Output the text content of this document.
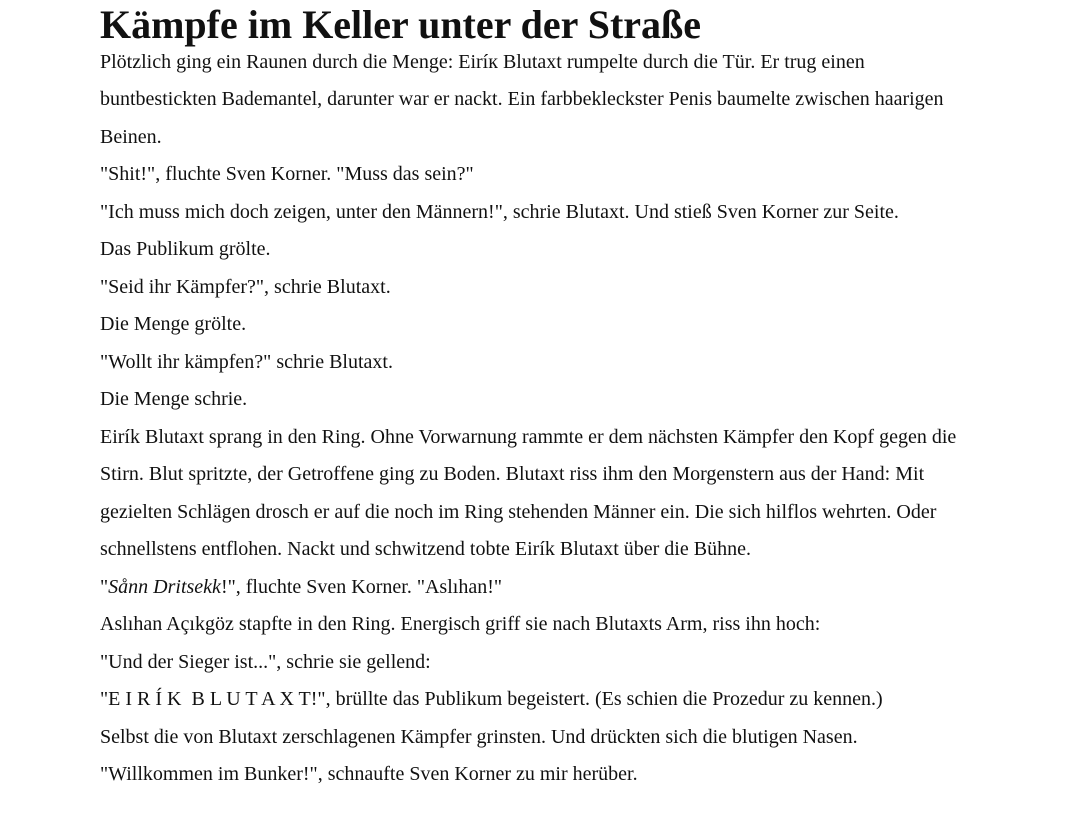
Kämpfe im Keller unter der Straße

Plötzlich ging ein Raunen durch die Menge: Eiríк Blutaxt rumpelte durch die Tür. Er trug einen buntbestickten Bademantel, darunter war er nackt. Ein farbbekleckster Penis baumelte zwischen haarigen Beinen.

"Shit!", fluchte Sven Korner. "Muss das sein?"

"Ich muss mich doch zeigen, unter den Männern!", schrie Blutaxt. Und stieß Sven Korner zur Seite.

Das Publikum grölte.

"Seid ihr Kämpfer?", schrie Blutaxt.

Die Menge grölte.

"Wollt ihr kämpfen?" schrie Blutaxt.

Die Menge schrie.

Eirík Blutaxt sprang in den Ring. Ohne Vorwarnung rammte er dem nächsten Kämpfer den Kopf gegen die Stirn. Blut spritzte, der Getroffene ging zu Boden. Blutaxt riss ihm den Morgenstern aus der Hand: Mit gezielten Schlägen drosch er auf die noch im Ring stehenden Männer ein. Die sich hilflos wehrten. Oder schnellstens entflohen. Nackt und schwitzend tobte Eirík Blutaxt über die Bühne.

"Sånn Dritsekk!", fluchte Sven Korner. "Aslıhan!"

Aslıhan Açıkgöz stapfte in den Ring. Energisch griff sie nach Blutaxts Arm, riss ihn hoch:

"Und der Sieger ist...", schrie sie gellend:

"E I R Í K  B L U T A X T!", brüllte das Publikum begeistert. (Es schien die Prozedur zu kennen.)

Selbst die von Blutaxt zerschlagenen Kämpfer grinsten. Und drückten sich die blutigen Nasen.

"Willkommen im Bunker!", schnaufte Sven Korner zu mir herüber.
